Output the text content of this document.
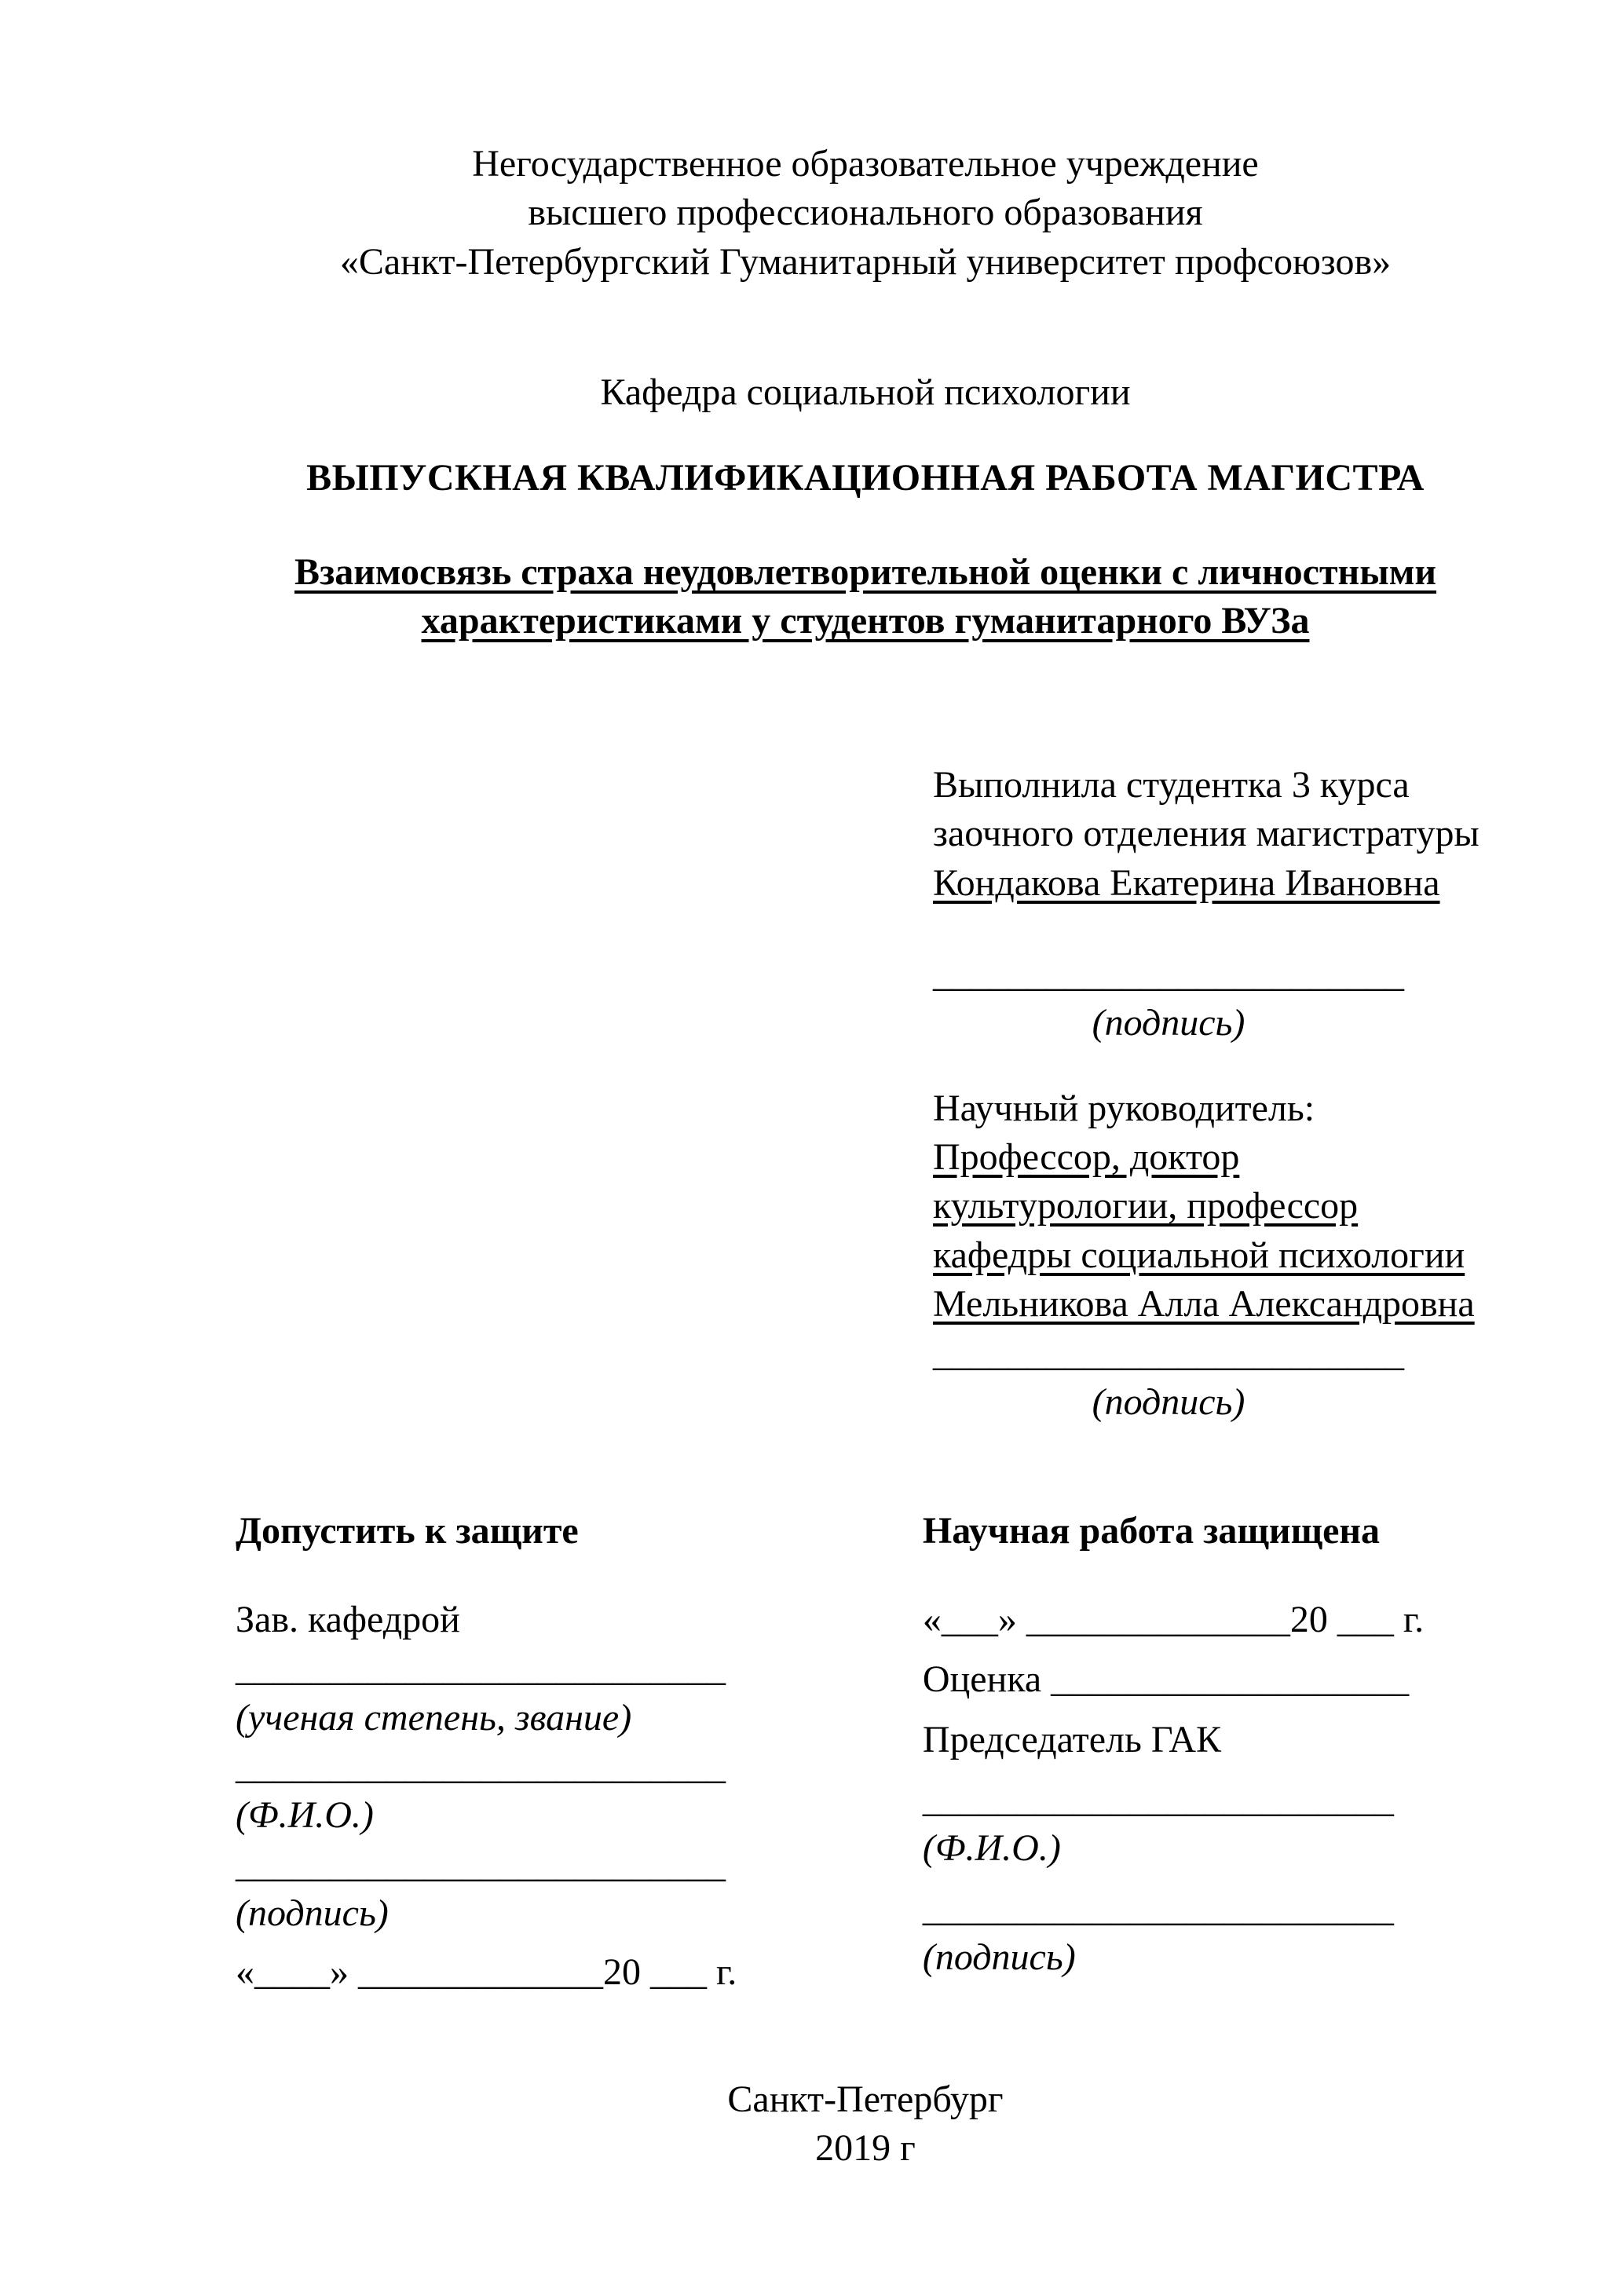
Негосударственное образовательное учреждение
высшего профессионального образования
«Санкт-Петербургский Гуманитарный университет профсоюзов»
Кафедра социальной психологии
ВЫПУСКНАЯ КВАЛИФИКАЦИОННАЯ РАБОТА МАГИСТРА
Взаимосвязь страха неудовлетворительной оценки с личностными
характеристиками у студентов гуманитарного ВУЗа
Выполнила студентка 3 курса
заочного отделения магистратуры
Кондакова Екатерина Ивановна
_________________________
(подпись)
Научный руководитель:
Профессор, доктор
культурологии, профессор
кафедры социальной психологии
Мельникова Алла Александровна
_________________________
(подпись)
Допустить к защите
Зав. кафедрой
__________________________
(ученая степень, звание)
__________________________
(Ф.И.О.)
__________________________
(подпись)
«____» _____________20 ___ г.
Научная работа защищена
«___» ______________20 ___ г.
Оценка ___________________
Председатель ГАК
_________________________
(Ф.И.О.)
_________________________
(подпись)
Санкт-Петербург
2019 г
